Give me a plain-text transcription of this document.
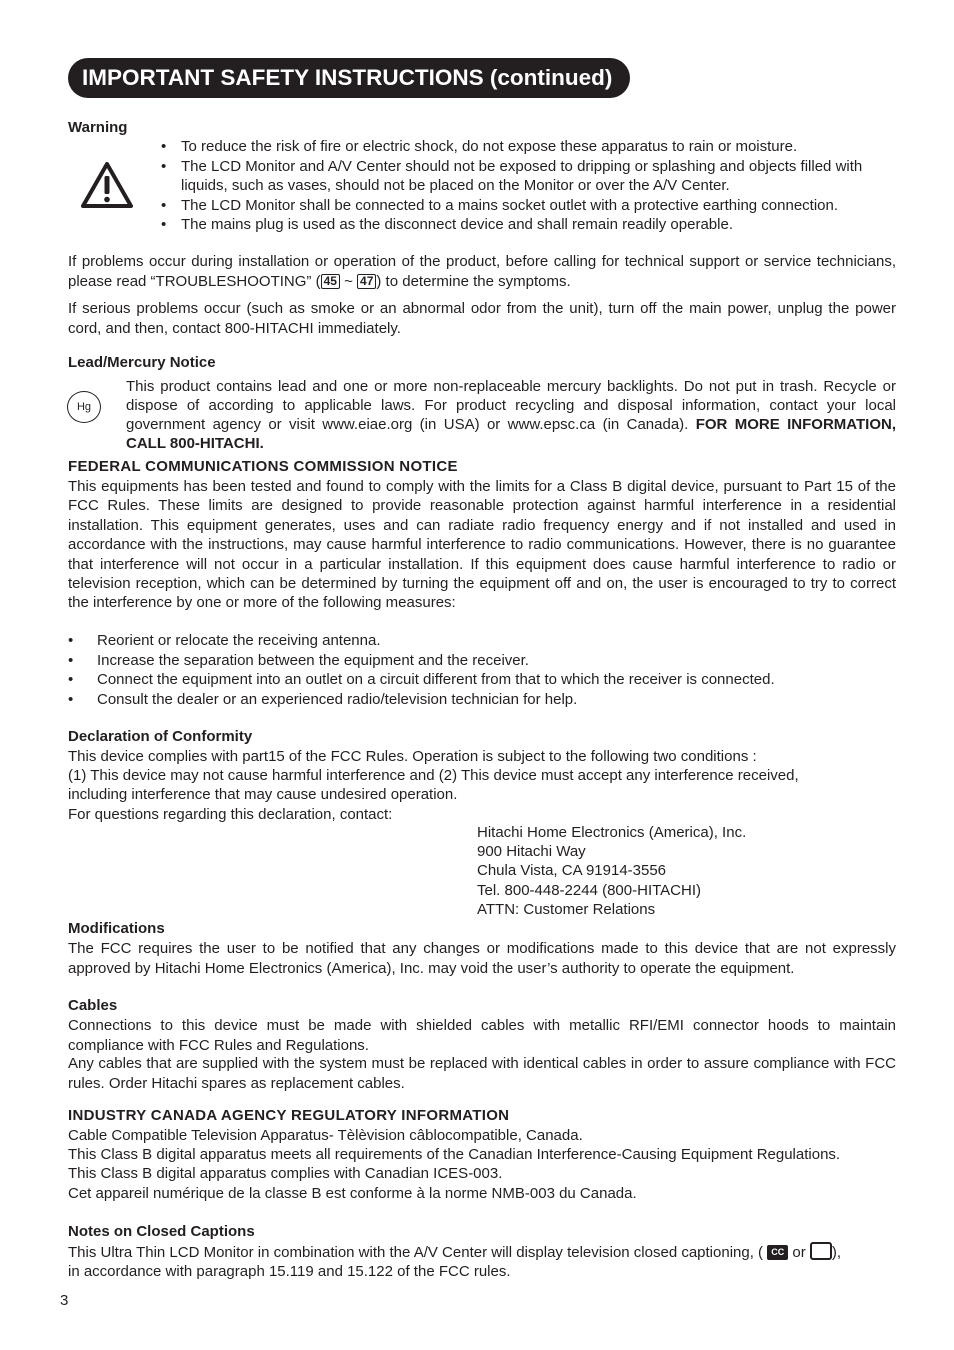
IMPORTANT SAFETY INSTRUCTIONS (continued)
Warning
• To reduce the risk of fire or electric shock, do not expose these apparatus to rain or moisture.
• The LCD Monitor and A/V Center should not be exposed to dripping or splashing and objects filled with liquids, such as vases, should not be placed on the Monitor or over the A/V Center.
• The LCD Monitor shall be connected to a mains socket outlet with a protective earthing connection.
• The mains plug is used as the disconnect device and shall remain readily operable.

If problems occur during installation or operation of the product, before calling for technical support or service technicians, please read “TROUBLESHOOTING” ( 45 ~ 47 ) to determine the symptoms.

If serious problems occur (such as smoke or an abnormal odor from the unit), turn off the main power, unplug the power cord, and then, contact 800-HITACHI immediately.

Lead/Mercury Notice
Hg

This product contains lead and one or more non-replaceable mercury backlights. Do not put in trash. Recycle or dispose of according to applicable laws. For product recycling and disposal information, contact your local government agency or visit www.eiae.org (in USA) or www.epsc.ca (in Canada). FOR MORE INFORMATION, CALL 800-HITACHI.

FEDERAL COMMUNICATIONS COMMISSION NOTICE

This equipments has been tested and found to comply with the limits for a Class B digital device, pursuant to Part 15 of the FCC Rules. These limits are designed to provide reasonable protection against harmful interference in a residential installation. This equipment generates, uses and can radiate radio frequency energy and if not installed and used in accordance with the instructions, may cause harmful interference to radio communications. However, there is no guarantee that interference will not occur in a particular installation. If this equipment does cause harmful interference to radio or television reception, which can be determined by turning the equipment off and on, the user is encouraged to try to correct the interference by one or more of the following measures:

• Reorient or relocate the receiving antenna.
• Increase the separation between the equipment and the receiver.
• Connect the equipment into an outlet on a circuit different from that to which the receiver is connected.
• Consult the dealer or an experienced radio/television technician for help.
Declaration of Conformity
This device complies with part15 of the FCC Rules. Operation is subject to the following two conditions :
(1) This device may not cause harmful interference and (2) This device must accept any interference received,
including interference that may cause undesired operation.
For questions regarding this declaration, contact:
Hitachi Home Electronics (America), Inc.
900 Hitachi Way
Chula Vista, CA 91914-3556
Tel. 800-448-2244 (800-HITACHI)
ATTN: Customer Relations
Modifications

The FCC requires the user to be notified that any changes or modifications made to this device that are not expressly approved by Hitachi Home Electronics (America), Inc. may void the user’s authority to operate the equipment.

Cables

Connections to this device must be made with shielded cables with metallic RFI/EMI connector hoods to maintain compliance with FCC Rules and Regulations.

Any cables that are supplied with the system must be replaced with identical cables in order to assure compliance with FCC rules. Order Hitachi spares as replacement cables.

INDUSTRY CANADA AGENCY REGULATORY INFORMATION
Cable Compatible Television Apparatus- Tèlèvision câblocompatible, Canada.
This Class B digital apparatus meets all requirements of the Canadian Interference-Causing Equipment Regulations.
This Class B digital apparatus complies with Canadian ICES-003.
Cet appareil numérique de la classe B est conforme à la norme NMB-003 du Canada.
Notes on Closed Captions
This Ultra Thin LCD Monitor in combination with the A/V Center will display television closed captioning, ( CC or ),
in accordance with paragraph 15.119 and 15.122 of the FCC rules.
3
